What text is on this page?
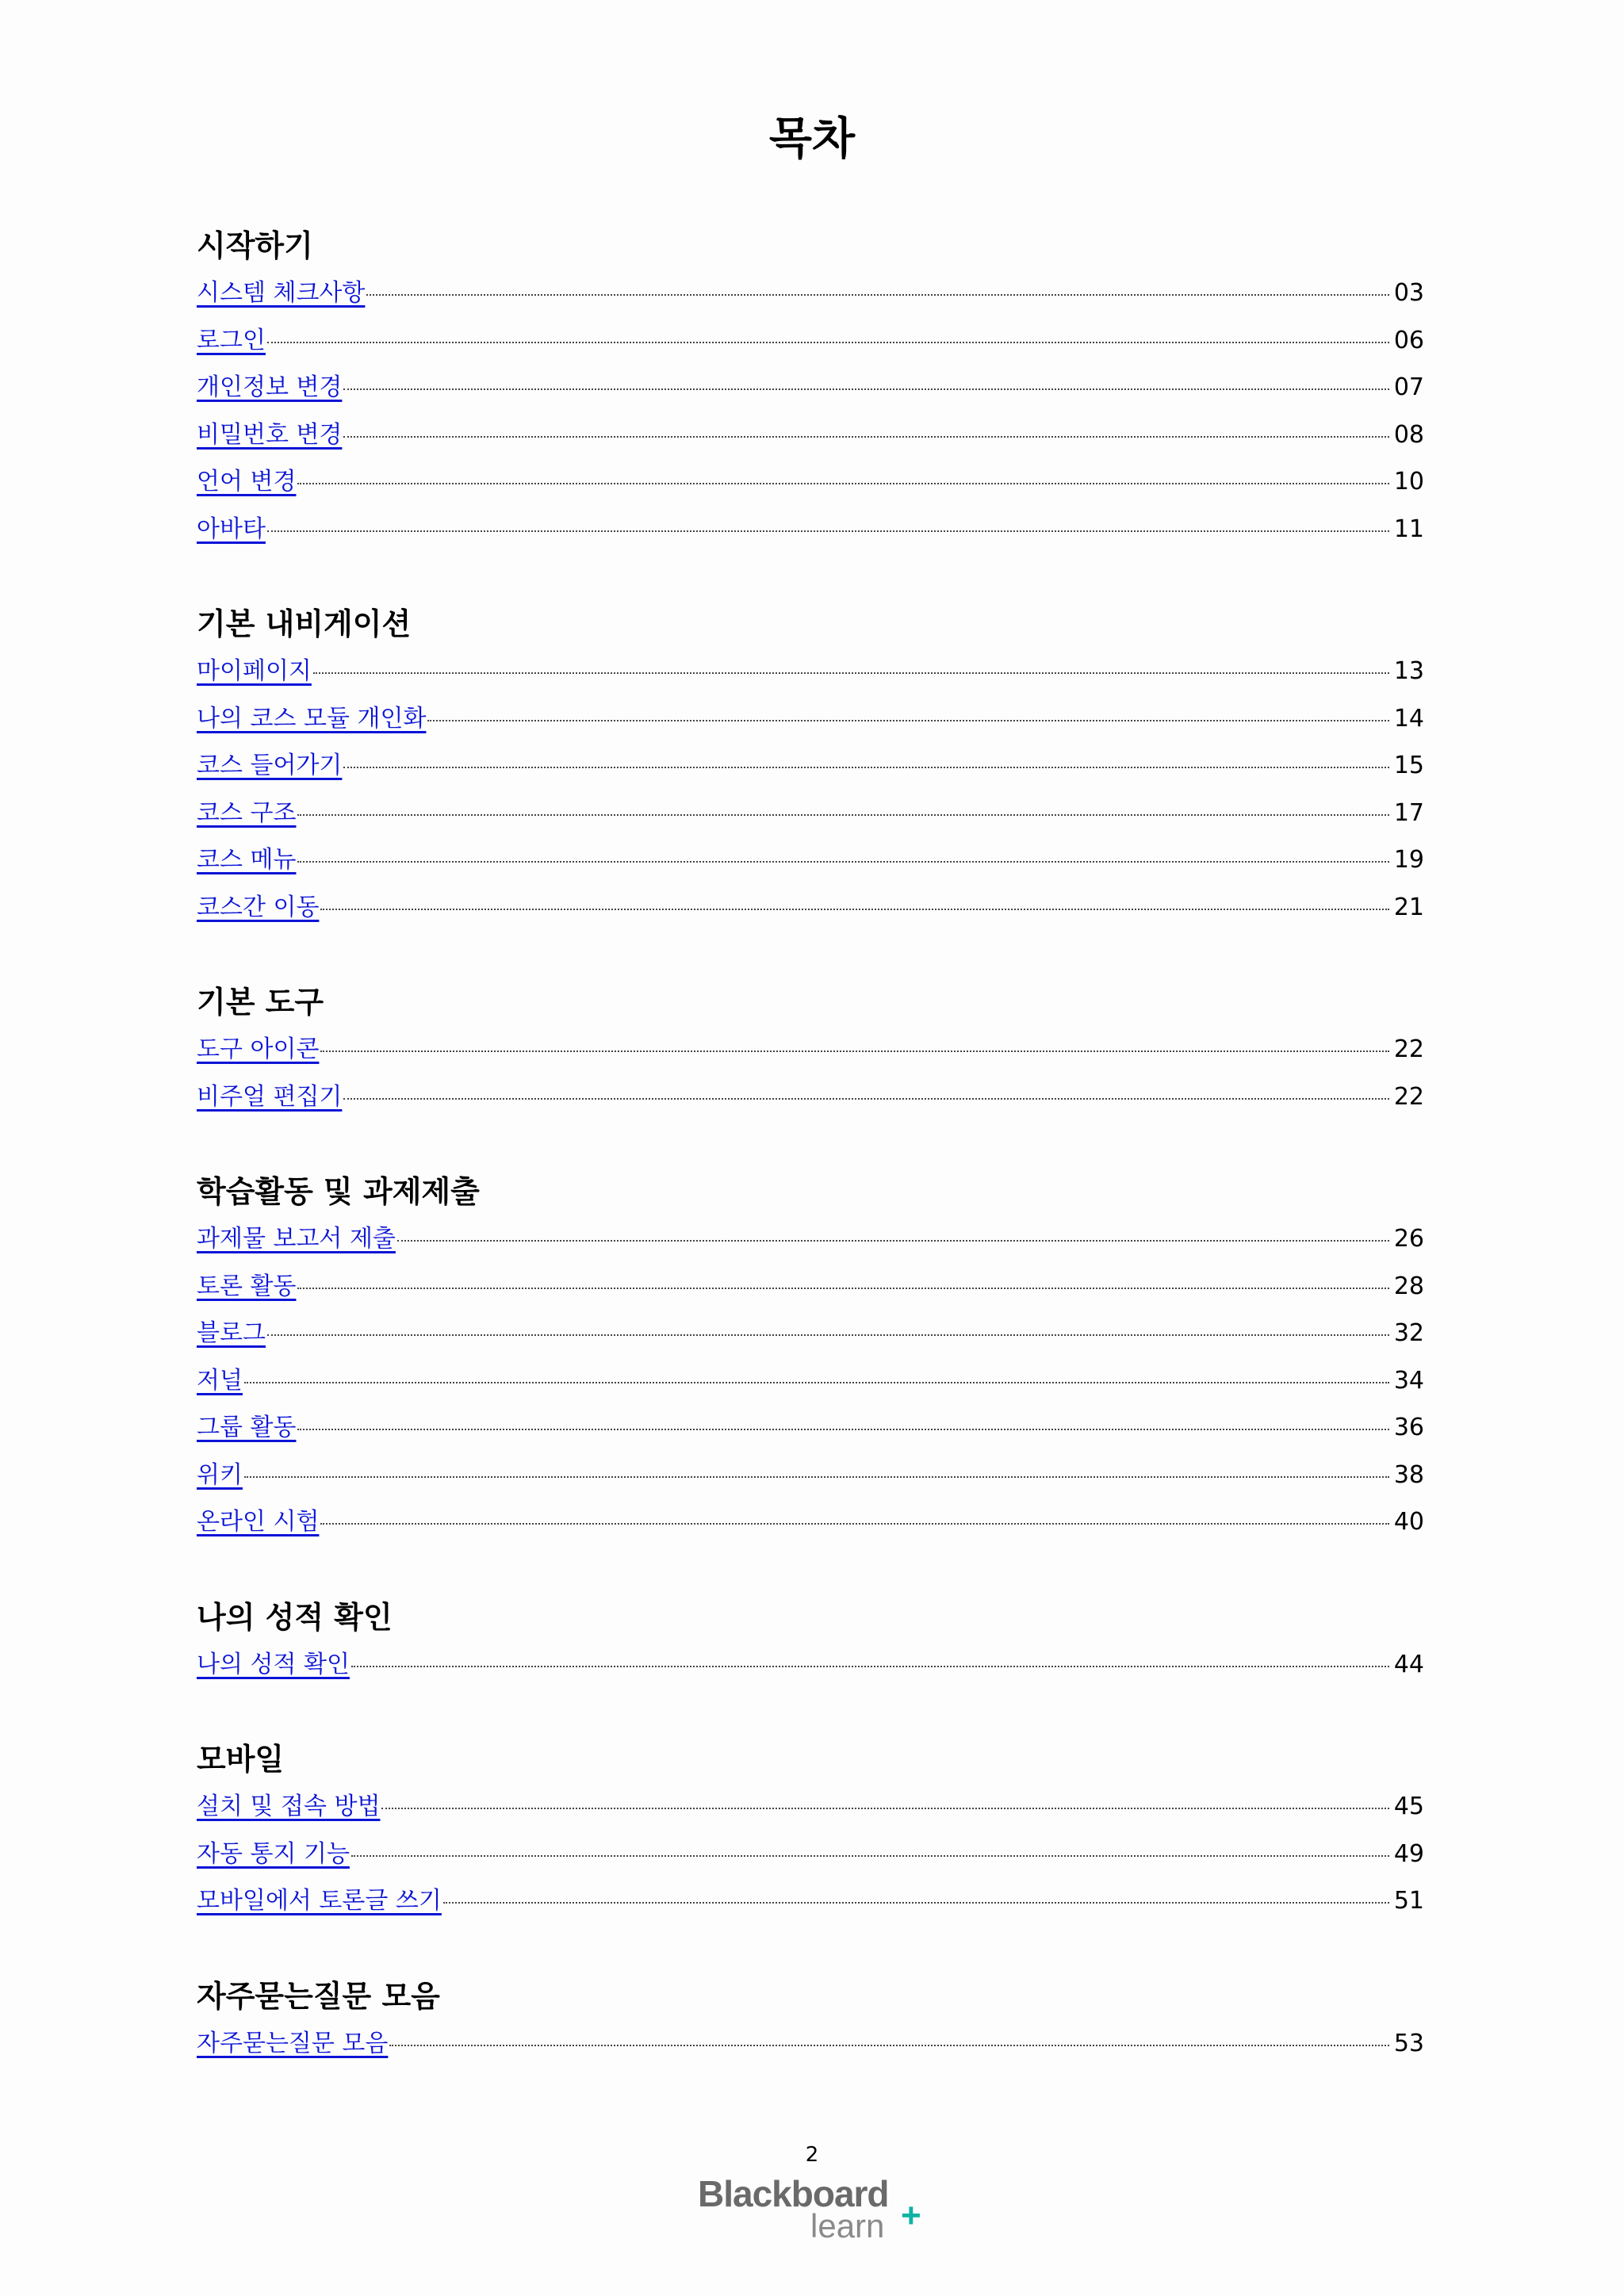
목차
시작하기
시스템 체크사항	03
로그인	06
개인정보 변경	07
비밀번호 변경	08
언어 변경	10
아바타	11
기본 내비게이션
마이페이지	13
나의 코스 모듈 개인화	14
코스 들어가기	15
코스 구조	17
코스 메뉴	19
코스간 이동	21
기본 도구
도구 아이콘	22
비주얼 편집기	22
학습활동 및 과제제출
과제물 보고서 제출	26
토론 활동	28
블로그	32
저널	34
그룹 활동	36
위키	38
온라인 시험	40
나의 성적 확인
나의 성적 확인	44
모바일
설치 및 접속 방법	45
자동 통지 기능	49
모바일에서 토론글 쓰기	51
자주묻는질문 모음
자주묻는질문 모음	53
2
Blackboard
learn +
